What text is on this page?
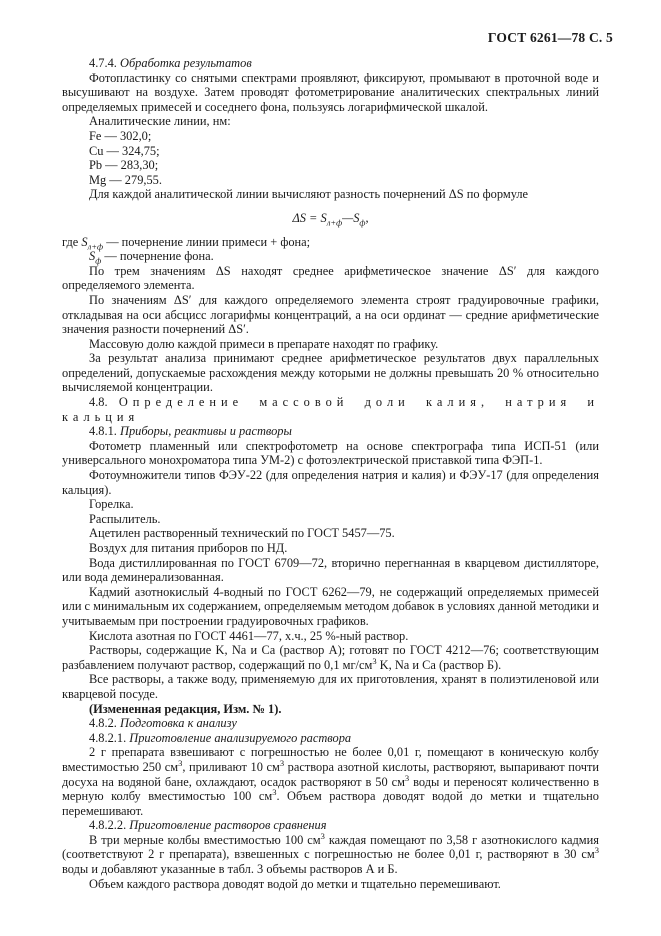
ГОСТ 6261—78 С. 5

4.7.4. Обработка результатов

Фотопластинку со снятыми спектрами проявляют, фиксируют, промывают в проточной воде и высушивают на воздухе. Затем проводят фотометрирование аналитических спектральных линий определяемых примесей и соседнего фона, пользуясь логарифмической шкалой.

Аналитические линии, нм:

Fe — 302,0;

Cu — 324,75;

Pb — 283,30;

Mg — 279,55.

Для каждой аналитической линии вычисляют разность почернений ΔS по формуле

$\Delta S = S_{л+ф}—S_ф$,

где $S_{л+ф}$ — почернение линии примеси + фона;

$S_ф$ — почернение фона.

По трем значениям ΔS находят среднее арифметическое значение ΔS′ для каждого определяемого элемента.

По значениям ΔS′ для каждого определяемого элемента строят градуировочные графики, откладывая на оси абсцисс логарифмы концентраций, а на оси ординат — средние арифметические значения разности почернений ΔS′.

Массовую долю каждой примеси в препарате находят по графику.

За результат анализа принимают среднее арифметическое результатов двух параллельных определений, допускаемые расхождения между которыми не должны превышать 20 % относительно вычисляемой концентрации.

4.8. Определение массовой доли калия, натрия и кальция

4.8.1. Приборы, реактивы и растворы

Фотометр пламенный или спектрофотометр на основе спектрографа типа ИСП-51 (или универсального монохроматора типа УМ-2) с фотоэлектрической приставкой типа ФЭП-1.

Фотоумножители типов ФЭУ-22 (для определения натрия и калия) и ФЭУ-17 (для определения кальция).

Горелка.

Распылитель.

Ацетилен растворенный технический по ГОСТ 5457—75.

Воздух для питания приборов по НД.

Вода дистиллированная по ГОСТ 6709—72, вторично перегнанная в кварцевом дистилляторе, или вода деминерализованная.

Кадмий азотнокислый 4-водный по ГОСТ 6262—79, не содержащий определяемых примесей или с минимальным их содержанием, определяемым методом добавок в условиях данной методики и учитываемым при построении градуировочных графиков.

Кислота азотная по ГОСТ 4461—77, х.ч., 25 %-ный раствор.

Растворы, содержащие K, Na и Ca (раствор А); готовят по ГОСТ 4212—76; соответствующим разбавлением получают раствор, содержащий по 0,1 $мг/см^3$ K, Na и Ca (раствор Б).

Все растворы, а также воду, применяемую для их приготовления, хранят в полиэтиленовой или кварцевой посуде.

(Измененная редакция, Изм. № 1).

4.8.2. Подготовка к анализу

4.8.2.1. Приготовление анализируемого раствора

2 г препарата взвешивают с погрешностью не более 0,01 г, помещают в коническую колбу вместимостью 250 $см^3$, приливают 10 $см^3$ раствора азотной кислоты, растворяют, выпаривают почти досуха на водяной бане, охлаждают, осадок растворяют в 50 $см^3$ воды и переносят количественно в мерную колбу вместимостью 100 $см^3$. Объем раствора доводят водой до метки и тщательно перемешивают.

4.8.2.2. Приготовление растворов сравнения

В три мерные колбы вместимостью 100 $см^3$ каждая помещают по 3,58 г азотнокислого кадмия (соответствуют 2 г препарата), взвешенных с погрешностью не более 0,01 г, растворяют в 30 $см^3$ воды и добавляют указанные в табл. 3 объемы растворов А и Б.

Объем каждого раствора доводят водой до метки и тщательно перемешивают.
